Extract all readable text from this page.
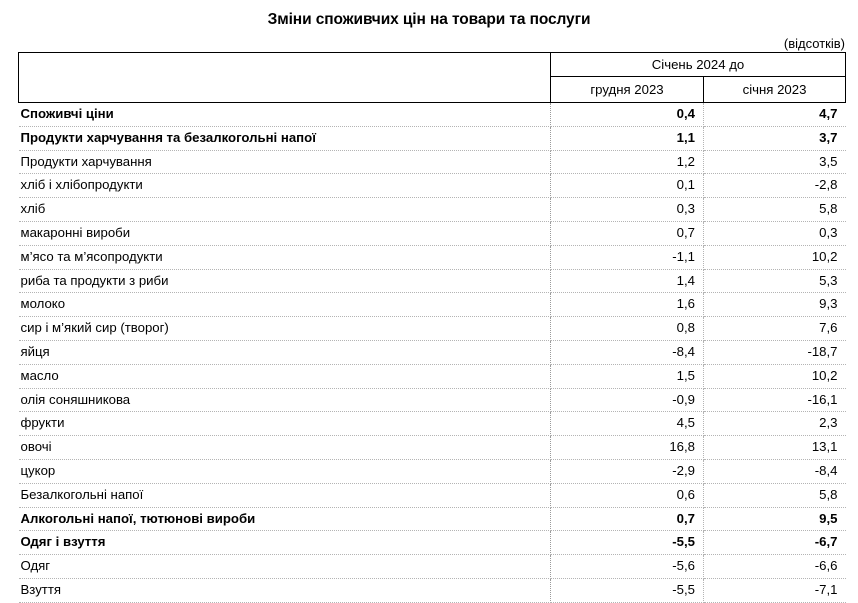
Зміни споживчих цін на товари та послуги
(відсотків)
	Січень 2024 до	
	грудня 2023	січня 2023
Споживчі ціни	0,4	4,7
Продукти харчування та безалкогольні напої	1,1	3,7
Продукти харчування	1,2	3,5
хліб і хлібопродукти	0,1	-2,8
хліб	0,3	5,8
макаронні вироби	0,7	0,3
м’ясо та м’ясопродукти	-1,1	10,2
риба та продукти з риби	1,4	5,3
молоко	1,6	9,3
сир і м’який сир (творог)	0,8	7,6
яйця	-8,4	-18,7
масло	1,5	10,2
олія соняшникова	-0,9	-16,1
фрукти	4,5	2,3
овочі	16,8	13,1
цукор	-2,9	-8,4
Безалкогольні напої	0,6	5,8
Алкогольні напої, тютюнові вироби	0,7	9,5
Одяг і взуття	-5,5	-6,7
Одяг	-5,6	-6,6
Взуття	-5,5	-7,1
